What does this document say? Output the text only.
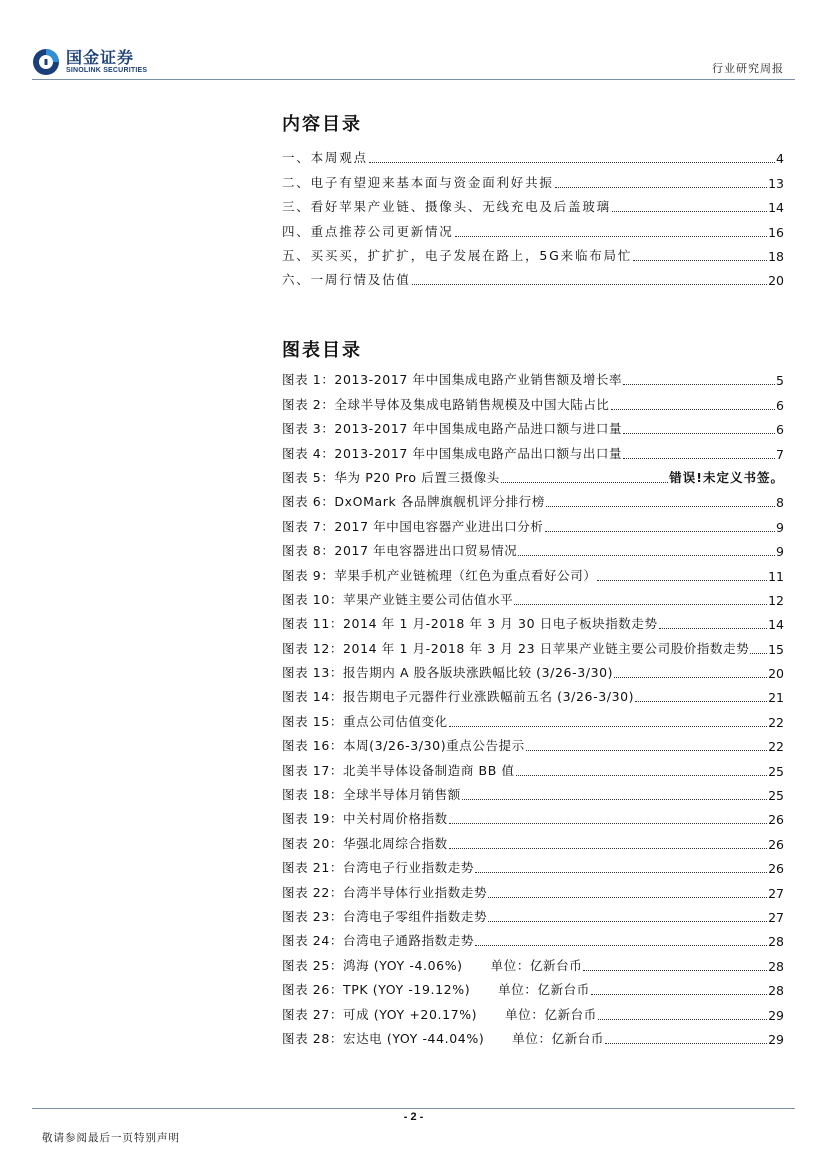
国金证券
SINOLINK SECURITIES	行业研究周报
内容目录
一、本周观点	4
二、电子有望迎来基本面与资金面利好共振	13
三、看好苹果产业链、摄像头、无线充电及后盖玻璃	14
四、重点推荐公司更新情况	16
五、买买买，扩扩扩，电子发展在路上，5G来临布局忙	18
六、一周行情及估值	20
图表目录
图表 1：2013-2017 年中国集成电路产业销售额及增长率	5
图表 2：全球半导体及集成电路销售规模及中国大陆占比	6
图表 3：2013-2017 年中国集成电路产品进口额与进口量	6
图表 4：2013-2017 年中国集成电路产品出口额与出口量	7
图表 5：华为 P20 Pro 后置三摄像头	错误!未定义书签。
图表 6：DxOMark 各品牌旗舰机评分排行榜	8
图表 7：2017 年中国电容器产业进出口分析	9
图表 8：2017 年电容器进出口贸易情况	9
图表 9：苹果手机产业链梳理（红色为重点看好公司）	11
图表 10：苹果产业链主要公司估值水平	12
图表 11：2014 年 1 月-2018 年 3 月 30 日电子板块指数走势	14
图表 12：2014 年 1 月-2018 年 3 月 23 日苹果产业链主要公司股价指数走势 15
图表 13：报告期内 A 股各版块涨跌幅比较 (3/26-3/30)	20
图表 14：报告期电子元器件行业涨跌幅前五名 (3/26-3/30)	21
图表 15：重点公司估值变化	22
图表 16：本周(3/26-3/30)重点公告提示	22
图表 17：北美半导体设备制造商 BB 值	25
图表 18：全球半导体月销售额	25
图表 19：中关村周价格指数	26
图表 20：华强北周综合指数	26
图表 21：台湾电子行业指数走势	26
图表 22：台湾半导体行业指数走势	27
图表 23：台湾电子零组件指数走势	27
图表 24：台湾电子通路指数走势	28
图表 25：鸿海 (YOY -4.06%) 单位：亿新台币	28
图表 26：TPK (YOY -19.12%) 单位：亿新台币	28
图表 27：可成 (YOY +20.17%) 单位：亿新台币	29
图表 28：宏达电 (YOY -44.04%) 单位：亿新台币	29
- 2 -
敬请参阅最后一页特别声明
